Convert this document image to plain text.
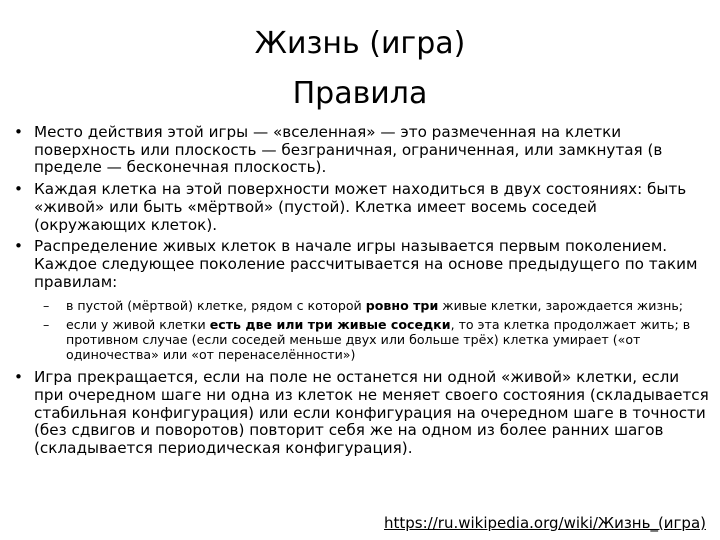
Жизнь (игра)
Правила
• Место действия этой игры — «вселенная» — это размеченная на клетки поверхность или плоскость — безграничная, ограниченная, или замкнутая (в пределе — бесконечная плоскость).
• Каждая клетка на этой поверхности может находиться в двух состояниях: быть «живой» или быть «мёртвой» (пустой). Клетка имеет восемь соседей (окружающих клеток).
• Распределение живых клеток в начале игры называется первым поколением. Каждое следующее поколение рассчитывается на основе предыдущего по таким правилам:
– в пустой (мёртвой) клетке, рядом с которой ровно три живые клетки, зарождается жизнь;
– если у живой клетки есть две или три живые соседки, то эта клетка продолжает жить; в противном случае (если соседей меньше двух или больше трёх) клетка умирает («от одиночества» или «от перенаселённости»)
• Игра прекращается, если на поле не останется ни одной «живой» клетки, если при очередном шаге ни одна из клеток не меняет своего состояния (складывается стабильная конфигурация) или если конфигурация на очередном шаге в точности (без сдвигов и поворотов) повторит себя же на одном из более ранних шагов (складывается периодическая конфигурация).
https://ru.wikipedia.org/wiki/Жизнь_(игра)
